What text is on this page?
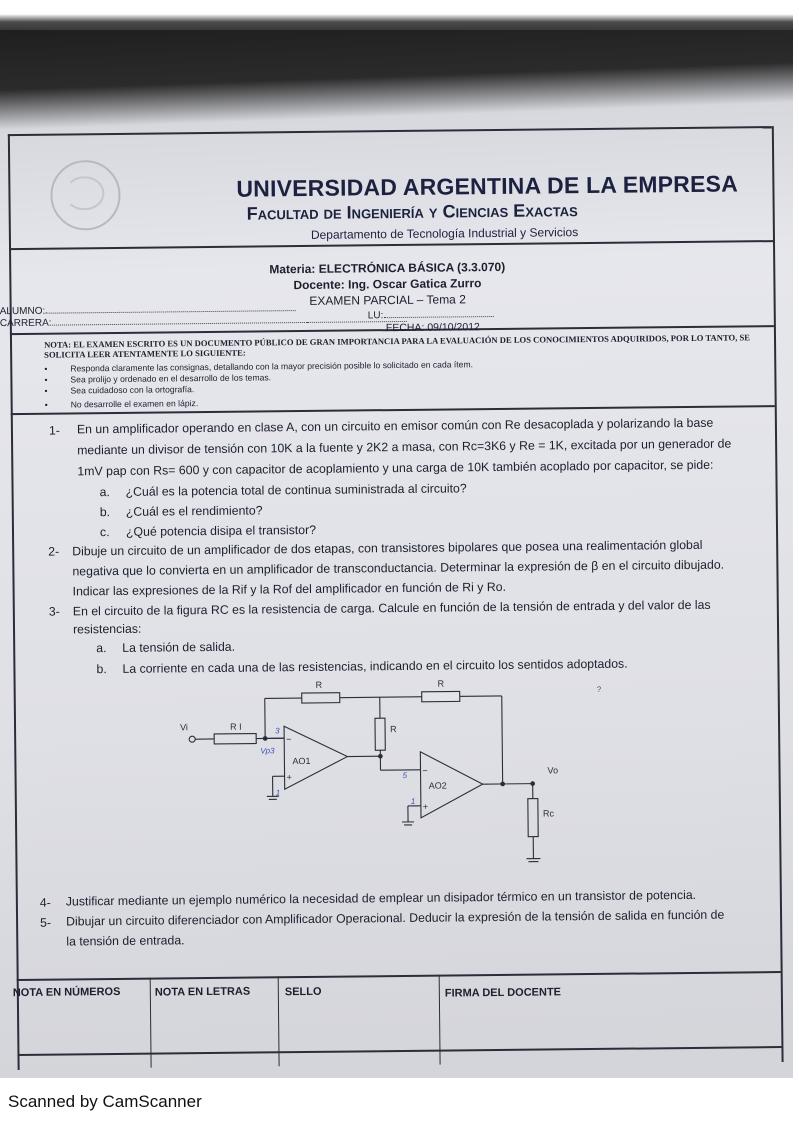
UNIVERSIDAD ARGENTINA DE LA EMPRESA
Facultad de Ingeniería y Ciencias Exactas
Departamento de Tecnología Industrial y Servicios
Materia: ELECTRÓNICA BÁSICA (3.3.070)
Docente: Ing. Oscar Gatica Zurro
EXAMEN PARCIAL – Tema 2
ALUMNO:
CARRERA:
LU:
FECHA: 09/10/2012
NOTA: EL EXAMEN ESCRITO ES UN DOCUMENTO PÚBLICO DE GRAN IMPORTANCIA PARA LA EVALUACIÓN DE LOS CONOCIMIENTOS ADQUIRIDOS, POR LO TANTO, SE SOLICITA LEER ATENTAMENTE LO SIGUIENTE:
•	Responda claramente las consignas, detallando con la mayor precisión posible lo solicitado en cada ítem.
•	Sea prolijo y ordenado en el desarrollo de los temas.
•	Sea cuidadoso con la ortografía.
•	No desarrolle el examen en lápiz.
1- En un amplificador operando en clase A, con un circuito en emisor común con Re desacoplada y polarizando la base
mediante un divisor de tensión con 10K a la fuente y 2K2 a masa, con Rc=3K6 y Re = 1K, excitada por un generador de
1mV pap con Rs= 600 y con capacitor de acoplamiento y una carga de 10K también acoplado por capacitor, se pide:
a. ¿Cuál es la potencia total de continua suministrada al circuito?
b. ¿Cuál es el rendimiento?
c. ¿Qué potencia disipa el transistor?
2- Dibuje un circuito de un amplificador de dos etapas, con transistores bipolares que posea una realimentación global
negativa que lo convierta en un amplificador de transconductancia. Determinar la expresión de β en el circuito dibujado.
Indicar las expresiones de la Rif y la Rof del amplificador en función de Ri y Ro.
3- En el circuito de la figura RC es la resistencia de carga. Calcule en función de la tensión de entrada y del valor de las
resistencias:
a. La tensión de salida.
b. La corriente en cada una de las resistencias, indicando en el circuito los sentidos adoptados.
R	R
R
R I
Vi
Vo
Rc
AO1
AO2
−
+
−
+
3
Vp3
1
5
1
?
4- Justificar mediante un ejemplo numérico la necesidad de emplear un disipador térmico en un transistor de potencia.
5- Dibujar un circuito diferenciador con Amplificador Operacional. Deducir la expresión de la tensión de salida en función de
la tensión de entrada.
NOTA EN NÚMEROS	NOTA EN LETRAS	SELLO	FIRMA DEL DOCENTE
Scanned by CamScanner
